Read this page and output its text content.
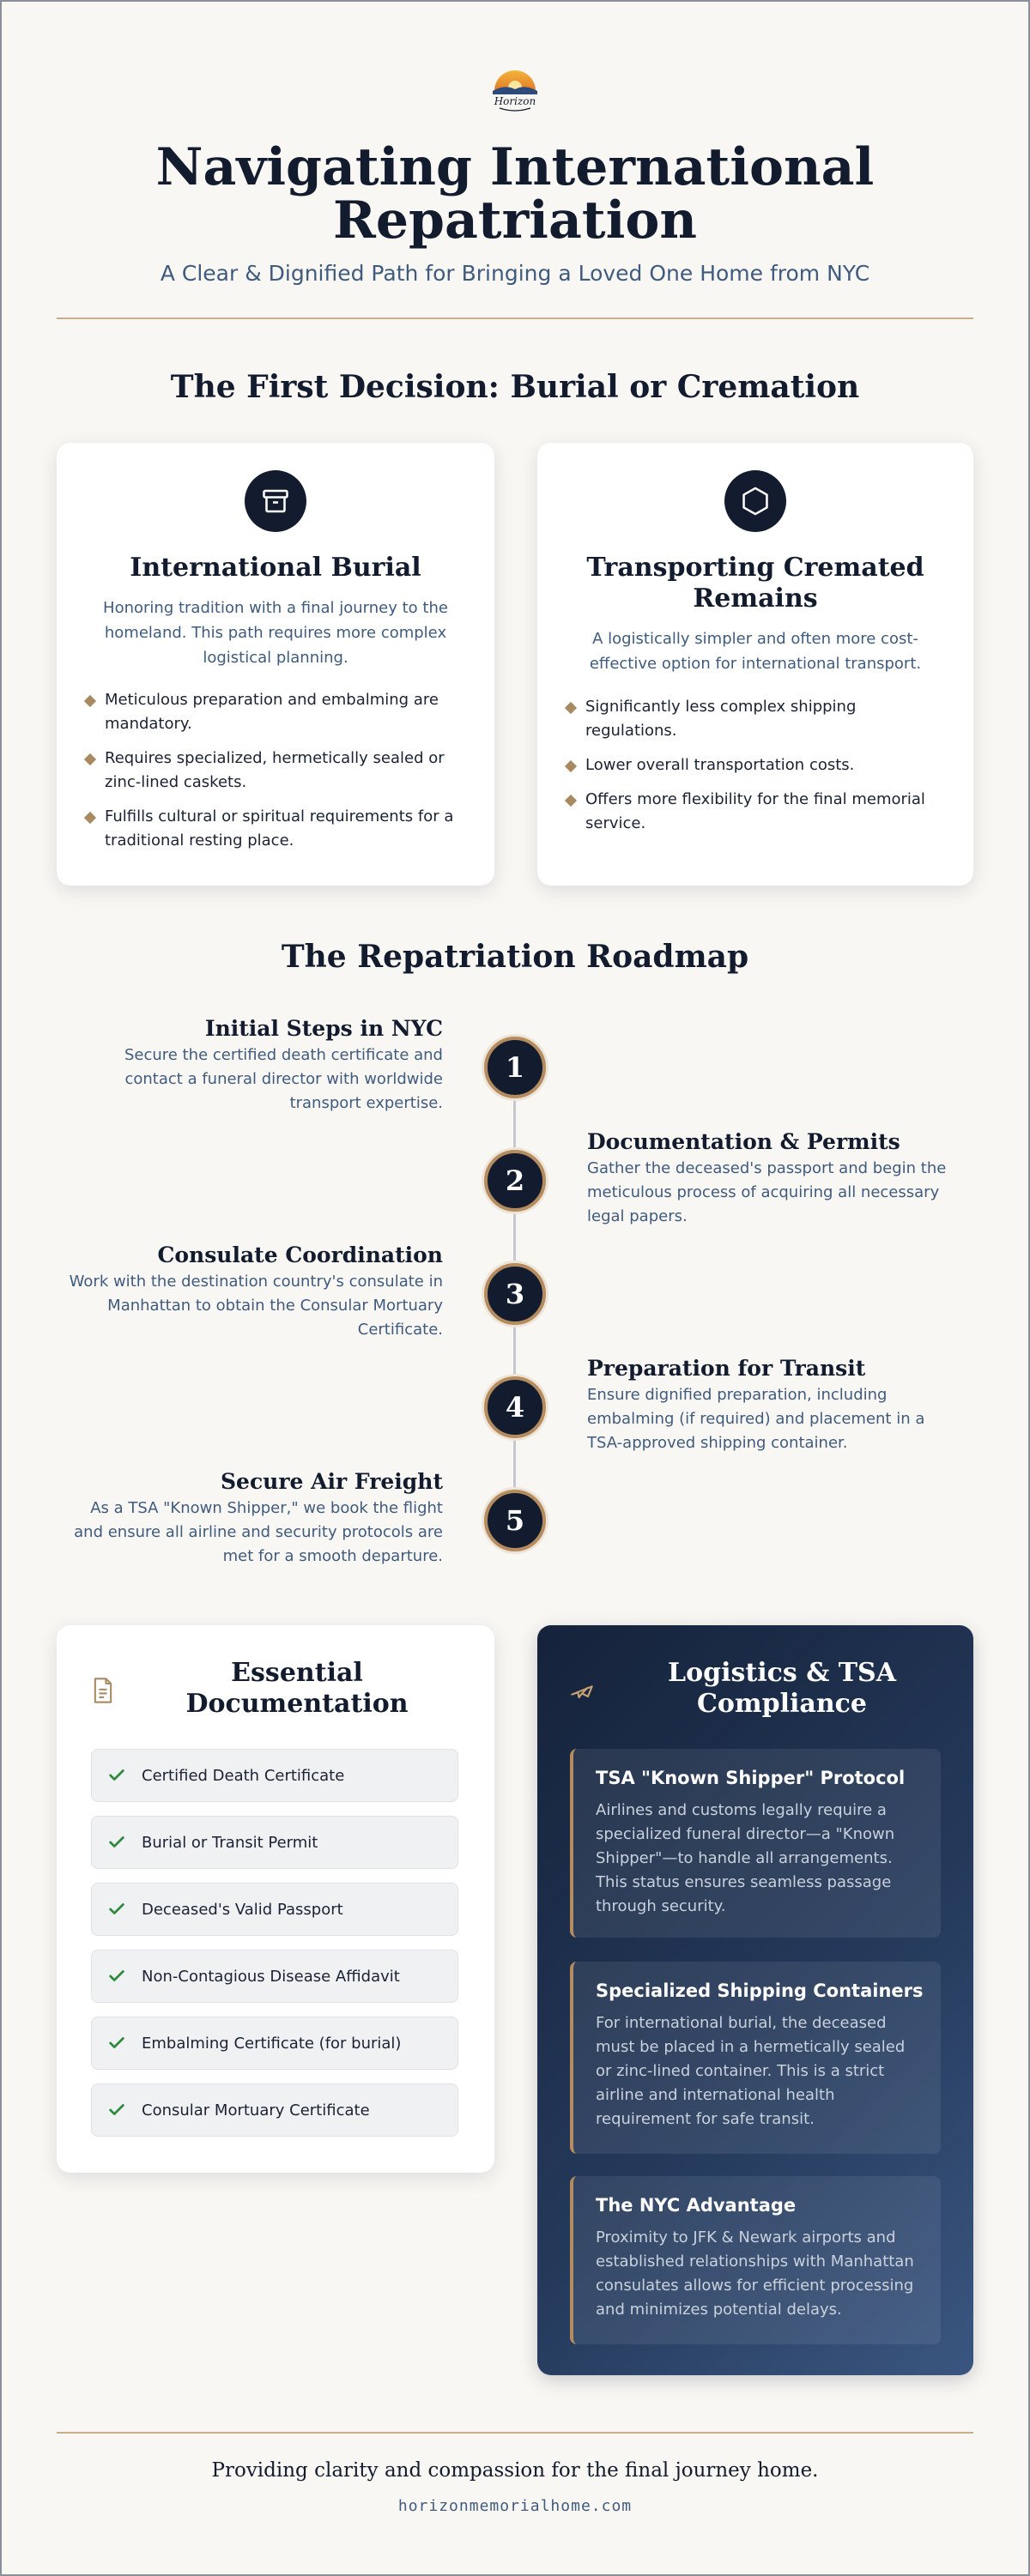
Horizon
Navigating International Repatriation
A Clear & Dignified Path for Bringing a Loved One Home from NYC
The First Decision: Burial or Cremation
International Burial
Honoring tradition with a final journey to the homeland. This path requires more complex logistical planning.
Meticulous preparation and embalming are mandatory.
Requires specialized, hermetically sealed or zinc-lined caskets.
Fulfills cultural or spiritual requirements for a traditional resting place.
Transporting Cremated Remains
A logistically simpler and often more cost-effective option for international transport.
Significantly less complex shipping regulations.
Lower overall transportation costs.
Offers more flexibility for the final memorial service.
The Repatriation Roadmap
Initial Steps in NYC
Secure the certified death certificate and contact a funeral director with worldwide transport expertise.
1
2
Documentation & Permits
Gather the deceased's passport and begin the meticulous process of acquiring all necessary legal papers.
Consulate Coordination
Work with the destination country's consulate in Manhattan to obtain the Consular Mortuary Certificate.
3
4
Preparation for Transit
Ensure dignified preparation, including embalming (if required) and placement in a TSA-approved shipping container.
Secure Air Freight
As a TSA "Known Shipper," we book the flight and ensure all airline and security protocols are met for a smooth departure.
5
Essential Documentation
Certified Death Certificate
Burial or Transit Permit
Deceased's Valid Passport
Non-Contagious Disease Affidavit
Embalming Certificate (for burial)
Consular Mortuary Certificate
Logistics & TSA Compliance
TSA "Known Shipper" Protocol
Airlines and customs legally require a specialized funeral director—a "Known Shipper"—to handle all arrangements. This status ensures seamless passage through security.
Specialized Shipping Containers
For international burial, the deceased must be placed in a hermetically sealed or zinc-lined container. This is a strict airline and international health requirement for safe transit.
The NYC Advantage
Proximity to JFK & Newark airports and established relationships with Manhattan consulates allows for efficient processing and minimizes potential delays.
Providing clarity and compassion for the final journey home.
horizonmemorialhome.com
